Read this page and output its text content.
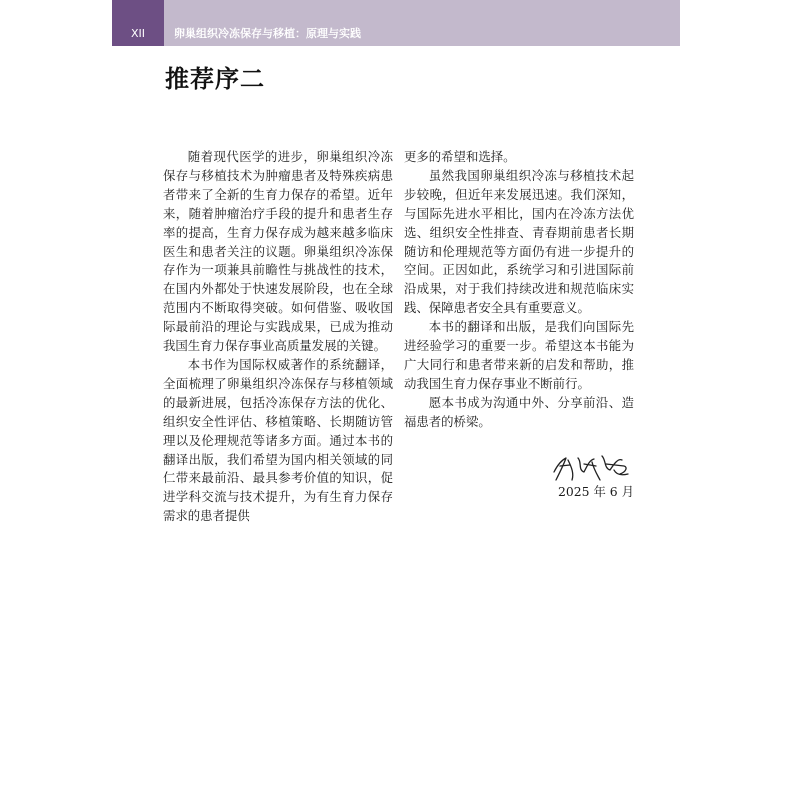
XII	卵巢组织冷冻保存与移植：原理与实践
推荐序二

随着现代医学的进步，卵巢组织冷冻保存与移植技术为肿瘤患者及特殊疾病患者带来了全新的生育力保存的希望。近年来，随着肿瘤治疗手段的提升和患者生存率的提高，生育力保存成为越来越多临床医生和患者关注的议题。卵巢组织冷冻保存作为一项兼具前瞻性与挑战性的技术，在国内外都处于快速发展阶段，也在全球范围内不断取得突破。如何借鉴、吸收国际最前沿的理论与实践成果，已成为推动我国生育力保存事业高质量发展的关键。

本书作为国际权威著作的系统翻译，全面梳理了卵巢组织冷冻保存与移植领域的最新进展，包括冷冻保存方法的优化、组织安全性评估、移植策略、长期随访管理以及伦理规范等诸多方面。通过本书的翻译出版，我们希望为国内相关领域的同仁带来最前沿、最具参考价值的知识，促进学科交流与技术提升，为有生育力保存需求的患者提供

更多的希望和选择。

虽然我国卵巢组织冷冻与移植技术起步较晚，但近年来发展迅速。我们深知，与国际先进水平相比，国内在冷冻方法优选、组织安全性排查、青春期前患者长期随访和伦理规范等方面仍有进一步提升的空间。正因如此，系统学习和引进国际前沿成果，对于我们持续改进和规范临床实践、保障患者安全具有重要意义。

本书的翻译和出版，是我们向国际先进经验学习的重要一步。希望这本书能为广大同行和患者带来新的启发和帮助，推动我国生育力保存事业不断前行。

愿本书成为沟通中外、分享前沿、造福患者的桥梁。

2025 年 6 月
